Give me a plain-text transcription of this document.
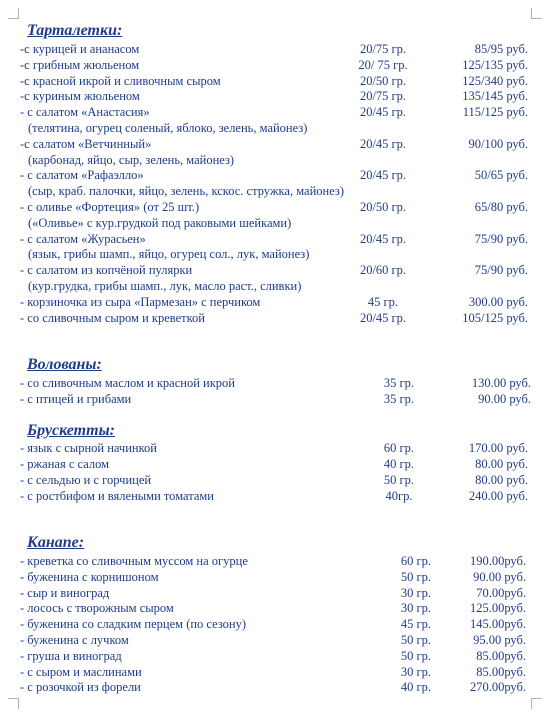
Тарталетки:
-с курицей и ананасом	20/75 гр.	85/95 руб.
-с грибным жюльеном	20/ 75 гр.	125/135 руб.
-с красной икрой и сливочным сыром	20/50 гр.	125/340 руб.
-с куриным жюльеном	20/75 гр.	135/145 руб.
- с салатом «Анастасия»	20/45 гр.	115/125 руб.
(телятина, огурец соленый, яблоко, зелень, майонез)
-с салатом «Ветчинный»	20/45 гр.	90/100 руб.
(карбонад, яйцо, сыр, зелень, майонез)
- с салатом «Рафаэлло»	20/45 гр.	50/65 руб.
(сыр, краб. палочки, яйцо, зелень, кскос. стружка, майонез)
- с оливье «Фортеция» (от 25 шт.)	20/50 гр.	65/80 руб.
(«Оливье» с кур.грудкой под раковыми шейками)
- с салатом «Журасьен»	20/45 гр.	75/90 руб.
(язык, грибы шамп., яйцо, огурец сол., лук, майонез)
- с салатом из копчёной пулярки	20/60 гр.	75/90 руб.
(кур.грудка, грибы шамп., лук, масло раст., сливки)
- корзиночка из сыра «Пармезан» с перчиком	45 гр.	300.00 руб.
- со сливочным сыром и креветкой	20/45 гр.	105/125 руб.
Волованы:
- со сливочным маслом и красной икрой	35 гр.	130.00 руб.
- с птицей и грибами	35 гр.	90.00 руб.
Брускетты:
- язык с сырной начинкой	60 гр.	170.00 руб.
- ржаная с салом	40 гр.	80.00 руб.
- с сельдью и с горчицей	50 гр.	80.00 руб.
- с ростбифом и вялеными томатами	40гр.	240.00 руб.
Канапе:
- креветка со сливочным муссом на огурце	60 гр.	190.00руб.
- буженина с корнишоном	50 гр.	90.00 руб.
- сыр и виноград	30 гр.	70.00руб.
- лосось с творожным сыром	30 гр.	125.00руб.
- буженина со сладким перцем (по сезону)	45 гр.	145.00руб.
- буженина с лучком	50 гр.	95.00 руб.
- груша и виноград	50 гр.	85.00руб.
- с сыром и маслинами	30 гр.	85.00руб.
- с розочкой из форели	40 гр.	270.00руб.
